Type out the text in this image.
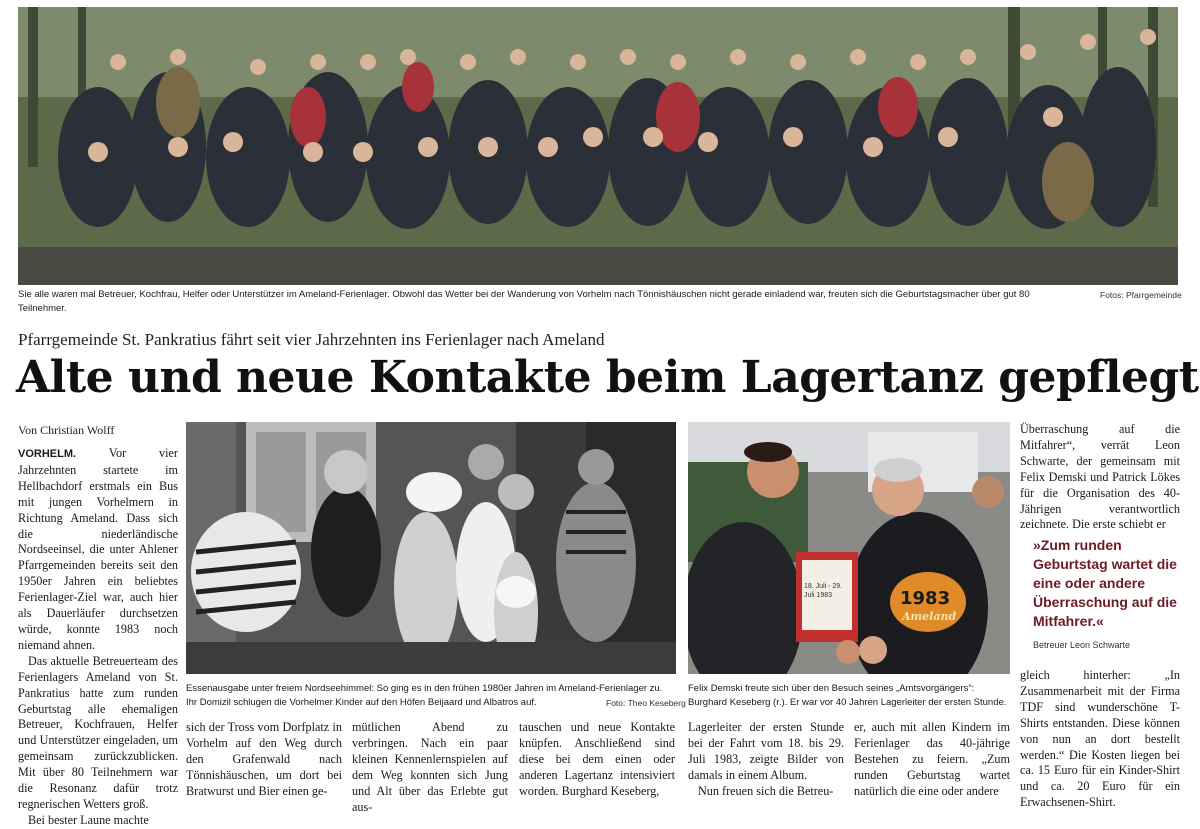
Sie alle waren mal Betreuer, Kochfrau, Helfer oder Unterstützer im Ameland-Ferienlager. Obwohl das Wetter bei der Wanderung von Vorhelm nach Tönnishäuschen nicht gerade einladend war, freuten sich die Geburtstagsmacher über gut 80 Teilnehmer.
Fotos: Pfarrgemeinde
Pfarrgemeinde St. Pankratius fährt seit vier Jahrzehnten ins Ferienlager nach Ameland
Alte und neue Kontakte beim Lagertanz gepflegt
Von Christian Wolff

VORHELM.	Vor vier Jahrzehnten startete im Hellbachdorf erstmals ein Bus mit jungen Vorhelmern in Richtung Ameland. Dass sich die niederländische Nordseeinsel, die unter Ahlener Pfarrgemeinden bereits seit den 1950er Jahren ein beliebtes Ferienlager-Ziel war, auch hier als Dauerläufer durchsetzen würde, konnte 1983 noch niemand ahnen.

Das aktuelle Betreuerteam des Ferienlagers Ameland von St. Pankratius hatte zum runden Geburtstag alle ehemaligen Betreuer, Kochfrauen, Helfer und Unterstützer eingeladen, um gemeinsam zurückzublicken. Mit über 80 Teilnehmern war die Resonanz dafür trotz regnerischen Wetters groß.

Bei bester Laune machte

Essenausgabe unter freiem Nordseehimmel: So ging es in den frühen 1980er Jahren im Ameland-Ferienlager zu. Ihr Domizil schlugen die Vorhelmer Kinder auf den Höfen Beijaard und Albatros auf.	Foto: Theo Keseberg
1983
Ameland
18. Juli - 29. Juli 1983
Felix Demski freute sich über den Besuch seines „Amtsvorgängers“: Burghard Keseberg (r.). Er war vor 40 Jahren Lagerleiter der ersten Stunde.
sich der Tross vom Dorfplatz in Vorhelm auf den Weg durch den Grafenwald nach Tönnishäuschen, um dort bei Bratwurst und Bier einen ge-
mütlichen Abend zu verbringen. Nach ein paar kleinen Kennenlernspielen auf dem Weg konnten sich Jung und Alt über das Erlebte gut aus-
tauschen und neue Kontakte knüpfen. Anschließend sind diese bei dem einen oder anderen Lagertanz intensiviert worden. Burghard Keseberg,

Lagerleiter der ersten Stunde bei der Fahrt vom 18. bis 29. Juli 1983, zeigte Bilder von damals in einem Album.

Nun freuen sich die Betreu-

er, auch mit allen Kindern im Ferienlager das 40-jährige Bestehen zu feiern. „Zum runden Geburtstag wartet natürlich die eine oder andere
Überraschung auf die Mitfahrer“, verrät Leon Schwarte, der gemeinsam mit Felix Demski und Patrick Lökes für die Organisation des 40-Jährigen verantwortlich zeichnete. Die erste schiebt er
»Zum runden Geburtstag wartet die eine oder andere Überraschung auf die Mitfahrer.«
Betreuer Leon Schwarte
gleich hinterher: „In Zusammenarbeit mit der Firma TDF sind wunderschöne T-Shirts entstanden. Diese können von nun an dort bestellt werden.“ Die Kosten liegen bei ca. 15 Euro für ein Kinder-Shirt und ca. 20 Euro für ein Erwachsenen-Shirt.
